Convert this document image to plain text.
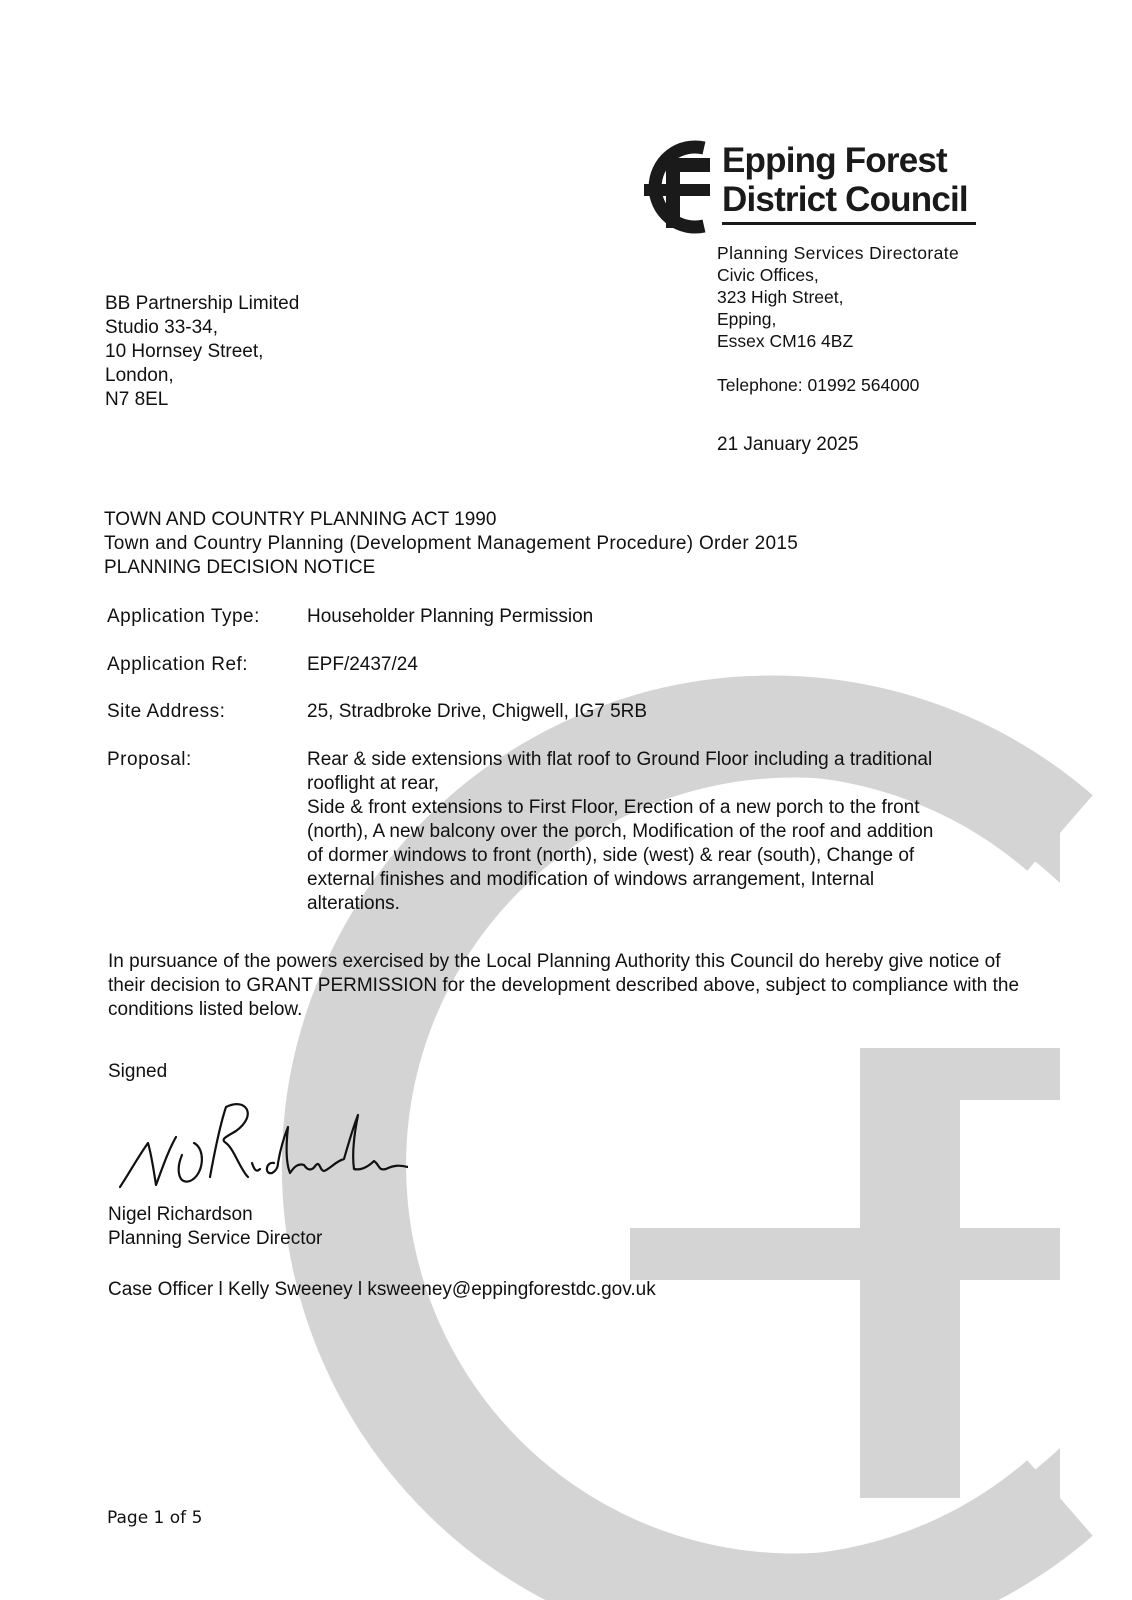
Epping Forest
District Council
Planning Services Directorate
Civic Offices,
323 High Street,
Epping,
Essex CM16 4BZ
Telephone: 01992 564000
21 January 2025
BB Partnership Limited
Studio 33-34,
10 Hornsey Street,
London,
N7 8EL
TOWN AND COUNTRY PLANNING ACT 1990
Town and Country Planning (Development Management Procedure) Order 2015
PLANNING DECISION NOTICE
Application Type: Householder Planning Permission
Application Ref:	EPF/2437/24
Site Address:	25, Stradbroke Drive, Chigwell, IG7 5RB
Proposal:	Rear & side extensions with flat roof to Ground Floor including a traditional
rooflight at rear,
Side & front extensions to First Floor, Erection of a new porch to the front
(north), A new balcony over the porch, Modification of the roof and addition
of dormer windows to front (north), side (west) & rear (south), Change of
external finishes and modification of windows arrangement, Internal
alterations.
In pursuance of the powers exercised by the Local Planning Authority this Council do hereby give notice of their decision to GRANT PERMISSION for the development described above, subject to compliance with the conditions listed below.
Signed
Nigel Richardson
Planning Service Director
Case Officer l Kelly Sweeney l ksweeney@eppingforestdc.gov.uk
Page 1 of 5
